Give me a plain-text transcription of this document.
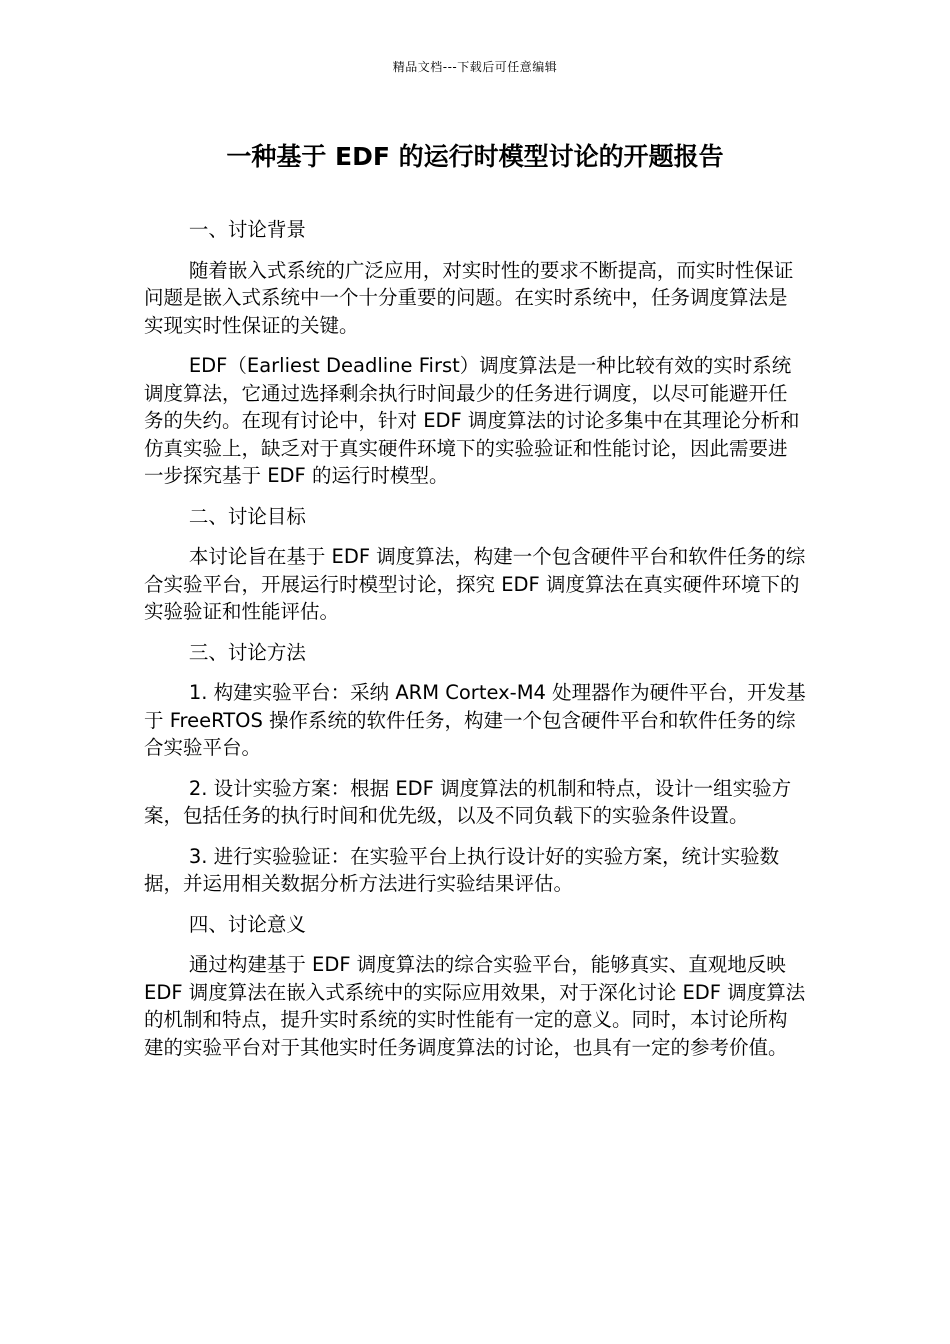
精品文档---下载后可任意编辑
一种基于 EDF 的运行时模型讨论的开题报告

一、讨论背景

随着嵌入式系统的广泛应用，对实时性的要求不断提高，而实时性保证问题是嵌入式系统中一个十分重要的问题。在实时系统中，任务调度算法是实现实时性保证的关键。

EDF（Earliest Deadline First）调度算法是一种比较有效的实时系统调度算法，它通过选择剩余执行时间最少的任务进行调度，以尽可能避开任务的失约。在现有讨论中，针对 EDF 调度算法的讨论多集中在其理论分析和仿真实验上，缺乏对于真实硬件环境下的实验验证和性能讨论，因此需要进一步探究基于 EDF 的运行时模型。

二、讨论目标

本讨论旨在基于 EDF 调度算法，构建一个包含硬件平台和软件任务的综合实验平台，开展运行时模型讨论，探究 EDF 调度算法在真实硬件环境下的实验验证和性能评估。

三、讨论方法

1. 构建实验平台：采纳 ARM Cortex-M4 处理器作为硬件平台，开发基于 FreeRTOS 操作系统的软件任务，构建一个包含硬件平台和软件任务的综合实验平台。

2. 设计实验方案：根据 EDF 调度算法的机制和特点，设计一组实验方案，包括任务的执行时间和优先级，以及不同负载下的实验条件设置。

3. 进行实验验证：在实验平台上执行设计好的实验方案，统计实验数据，并运用相关数据分析方法进行实验结果评估。

四、讨论意义

通过构建基于 EDF 调度算法的综合实验平台，能够真实、直观地反映 EDF 调度算法在嵌入式系统中的实际应用效果，对于深化讨论 EDF 调度算法的机制和特点，提升实时系统的实时性能有一定的意义。同时，本讨论所构建的实验平台对于其他实时任务调度算法的讨论，也具有一定的参考价值。
